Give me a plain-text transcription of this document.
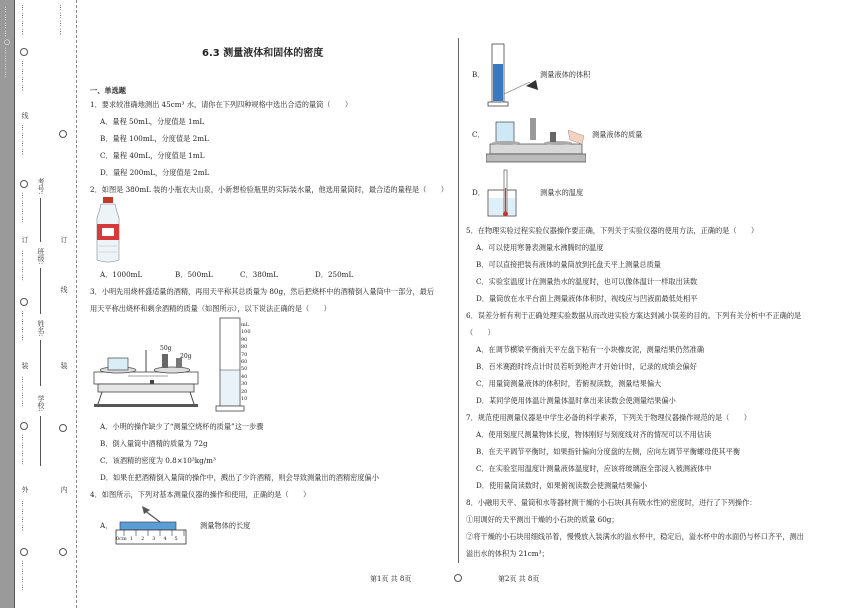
…………○………… …………
…………
线
…………
…………
订
…………
…………
装
…………
…………
外
…………
…………
学校:
姓名:
班级:
考号:
…………
订
线
装
内
6.3 测量液体和固体的密度
一、单选题
1．要求较准确地测出 45cm³ 水，请你在下列四种规格中选出合适的量筒（　　）
A．量程 50mL，分度值是 1mL
B．量程 100mL，分度值是 2mL
C．量程 40mL，分度值是 1mL
D．量程 200mL，分度值是 2mL
2．如图是 380mL 装的小瓶农夫山泉，小新想检验瓶里的实际装水量，他选用量筒时，最合适的量程是（　　）
A．1000mL	B．500mL	C．380mL	D．250mL
3．小明先用烧杯盛适量的酒精，再用天平称其总质量为 80g，然后把烧杯中的酒精倒入量筒中一部分，最后
用天平称出烧杯和剩余酒精的质量（如图所示），以下说法正确的是（　　）
50g
20g
mL
100
90
80
70
60
50
40
30
20
10
A．小明的操作缺少了“测量空烧杯的质量”这一步骤
B．倒入量筒中酒精的质量为 72g
C．该酒精的密度为 0.8×10³kg/m³
D．如果在把酒精倒入量筒的操作中，溅出了少许酒精，则会导致测量出的酒精密度偏小
4．如图所示，下列对基本测量仪器的操作和使用，正确的是（　　）
A．
0cm 1 2 3 4 5
测量物体的长度
B．	测量液体的体积
C．	测量液体的质量
D．	测量水的温度
5．在物理实验过程实验仪器操作要正确，下列关于实验仪器的使用方法，正确的是（　　）
A．可以使用寒暑表测量水沸腾时的温度
B．可以直接把装有液体的量筒放到托盘天平上测量总质量
C．实验室温度计在测量热水的温度时，也可以像体温计一样取出读数
D．量筒放在水平台面上测量液体体积时，视线应与凹液面最低处相平
6．误差分析有利于正确处理实验数据从而改进实验方案达到减小误差的目的。下列有关分析中不正确的是
（　　）
A．在调节横梁平衡前天平左盘下粘有一小块橡皮泥，测量结果仍然准确
B．百米赛跑时终点计时员若听到枪声才开始计时，记录的成绩会偏好
C．用量筒测量液体的体积时，若俯视读数，测量结果偏大
D．某同学使用体温计测量体温时拿出来读数会使测量结果偏小
7．规范使用测量仪器是中学生必备的科学素养，下列关于物理仪器操作规范的是（　　）
A．使用刻度尺测量物体长度，物体刚好与刻度线对齐的情况可以不用估读
B．在天平调节平衡时，如果指针偏向分度盘的左侧，应向左调节平衡螺母使其平衡
C．在实验室用温度计测量液体温度时，应该将玻璃泡全部浸入被测液体中
D．使用量筒读数时，如果俯视读数会使测量结果偏小
8．小融用天平、量筒和水等器材测干燥的小石块(具有吸水性)的密度时，进行了下列操作：
①用调好的天平测出干燥的小石块的质量 60g；
②将干燥的小石块用细线吊着，慢慢放入装满水的溢水杯中，稳定后，溢水杯中的水面仍与杯口齐平，测出
溢出水的体积为 21cm³；
第1页 共 8页	第2页 共 8页
